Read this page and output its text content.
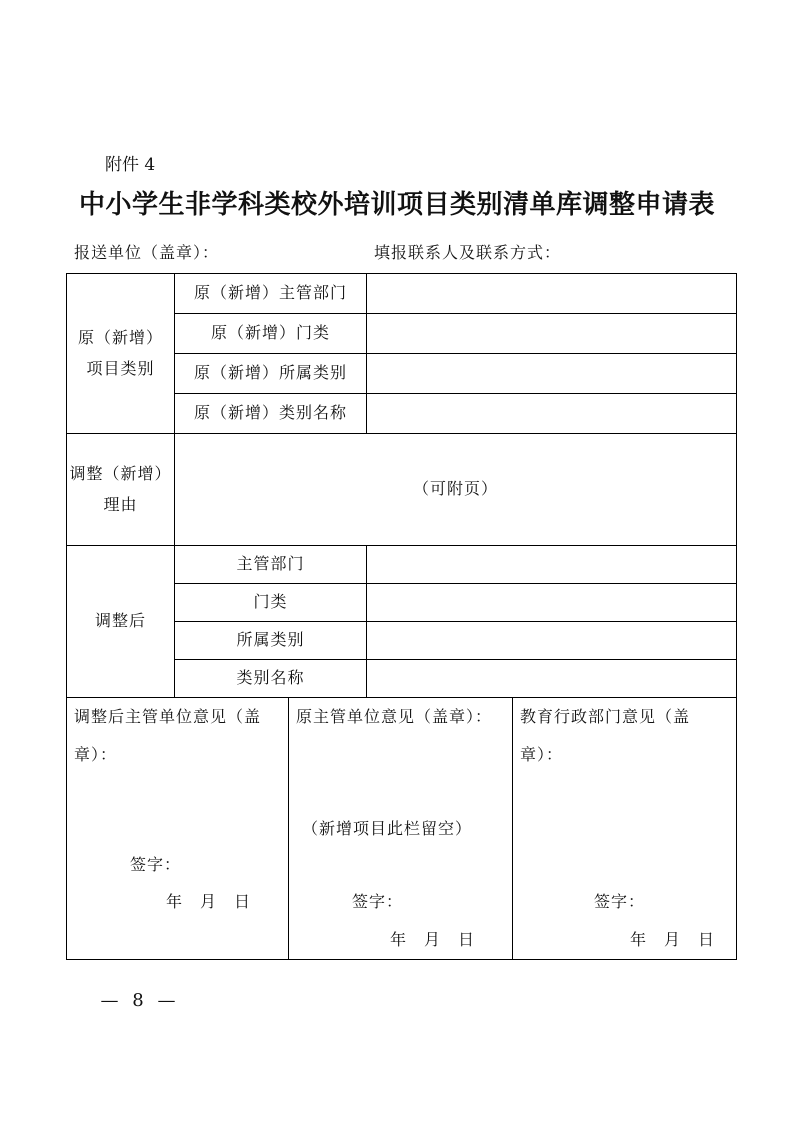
附件 4
中小学生非学科类校外培训项目类别清单库调整申请表
报送单位（盖章）：	填报联系人及联系方式：
原（新增）
项目类别
原（新增）主管部门
原（新增）门类
原（新增）所属类别
原（新增）类别名称
调整（新增）
理由
（可附页）
调整后
主管部门
门类
所属类别
类别名称
调整后主管单位意见（盖
章）：
签字：
年　月　日
原主管单位意见（盖章）：
（新增项目此栏留空）
签字：
年　月　日
教育行政部门意见（盖
章）：
签字：
年　月　日
— 8 —
